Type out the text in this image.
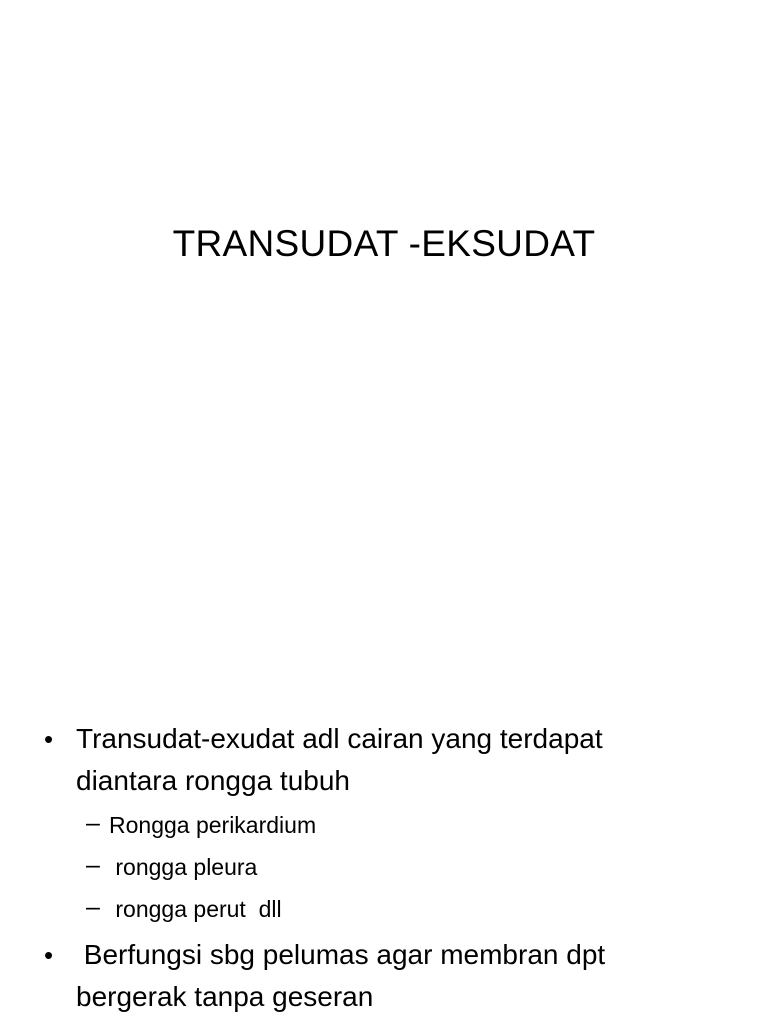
TRANSUDAT -EKSUDAT
• Transudat-exudat adl cairan yang terdapat
diantara rongga tubuh
– Rongga perikardium
– rongga pleura
– rongga perut  dll
• Berfungsi sbg pelumas agar membran dpt
bergerak tanpa geseran
